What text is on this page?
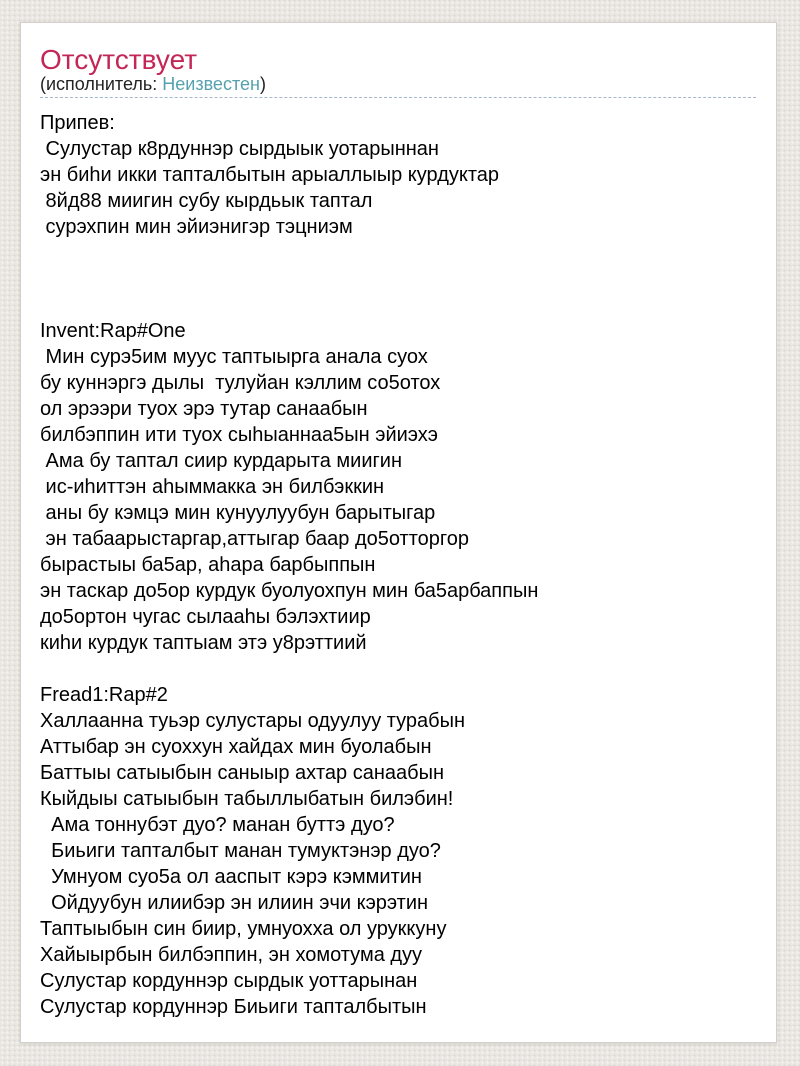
Отсутствует
(исполнитель: Неизвестен)
Припев:
Сулустар к8рдуннэр сырдыык уотарыннан
эн биһи икки тапталбытын арыаллыыр курдуктар
8йд88 миигин субу кырдьык таптал
сурэхпин мин эйиэнигэр тэцниэм
Invent:Rap#One
Мин сурэ5им муус таптыырга анала суох
бу куннэргэ дылы  тулуйан кэллим со5отох
ол эрээри туох эрэ тутар санаабын
билбэппин ити туох сыһыаннаа5ын эйиэхэ
Ама бу таптал сиир курдарыта миигин
ис-иһиттэн аһыммакка эн билбэккин
аны бу кэмцэ мин кунуулуубун барытыгар
эн табаарыстаргар,аттыгар баар до5отторгор
бырастыы ба5ар, аһара барбыппын
эн таскар до5ор курдук буолуохпун мин ба5арбаппын
до5ортон чугас сылааһы бэлэхтиир
киһи курдук таптыам этэ у8рэттиий
Fread1:Rap#2
Халлаанна туьэр сулустары одуулуу турабын
Аттыбар эн суоххун хайдах мин буолабын
Баттыы сатыыбын саныыр ахтар санаабын
Кыйдыы сатыыбын табыллыбатын билэбин!
Ама тоннубэт дуо? манан буттэ дуо?
Биьиги тапталбыт манан тумуктэнэр дуо?
Умнуом суо5а ол ааспыт кэрэ кэммитин
Ойдуубун илиибэр эн илиин эчи кэрэтин
Таптыыбын син биир, умнуохха ол уруккуну
Хайыырбын билбэппин, эн хомотума дуу
Сулустар кордуннэр сырдык уоттарынан
Сулустар кордуннэр Биьиги тапталбытын
